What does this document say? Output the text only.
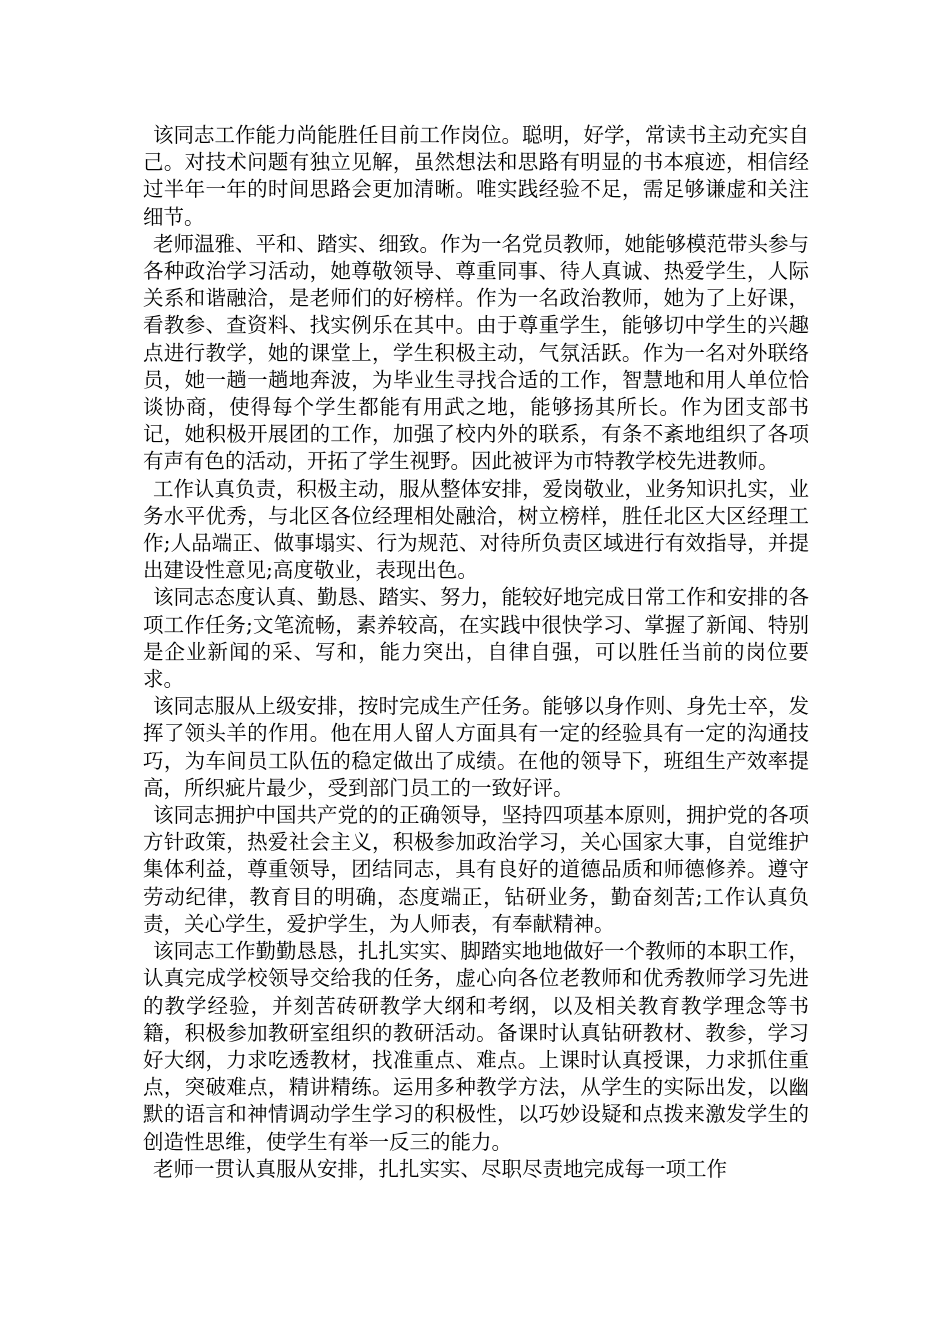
该同志工作能力尚能胜任目前工作岗位。聪明，好学，常读书主动充实自己。对技术问题有独立见解，虽然想法和思路有明显的书本痕迹，相信经过半年一年的时间思路会更加清晰。唯实践经验不足，需足够谦虚和关注细节。

老师温雅、平和、踏实、细致。作为一名党员教师，她能够模范带头参与各种政治学习活动，她尊敬领导、尊重同事、待人真诚、热爱学生，人际关系和谐融洽，是老师们的好榜样。作为一名政治教师，她为了上好课，看教参、查资料、找实例乐在其中。由于尊重学生，能够切中学生的兴趣点进行教学，她的课堂上，学生积极主动，气氛活跃。作为一名对外联络员，她一趟一趟地奔波，为毕业生寻找合适的工作，智慧地和用人单位恰谈协商，使得每个学生都能有用武之地，能够扬其所长。作为团支部书记，她积极开展团的工作，加强了校内外的联系，有条不紊地组织了各项有声有色的活动，开拓了学生视野。因此被评为市特教学校先进教师。

工作认真负责，积极主动，服从整体安排，爱岗敬业，业务知识扎实，业务水平优秀，与北区各位经理相处融洽，树立榜样，胜任北区大区经理工作;人品端正、做事塌实、行为规范、对待所负责区域进行有效指导，并提出建设性意见;高度敬业，表现出色。

该同志态度认真、勤恳、踏实、努力，能较好地完成日常工作和安排的各项工作任务;文笔流畅，素养较高，在实践中很快学习、掌握了新闻、特别是企业新闻的采、写和，能力突出，自律自强，可以胜任当前的岗位要求。

该同志服从上级安排，按时完成生产任务。能够以身作则、身先士卒，发挥了领头羊的作用。他在用人留人方面具有一定的经验具有一定的沟通技巧，为车间员工队伍的稳定做出了成绩。在他的领导下，班组生产效率提高，所织疵片最少，受到部门员工的一致好评。

该同志拥护中国共产党的的正确领导，坚持四项基本原则，拥护党的各项方针政策，热爱社会主义，积极参加政治学习，关心国家大事，自觉维护集体利益，尊重领导，团结同志，具有良好的道德品质和师德修养。遵守劳动纪律，教育目的明确，态度端正，钻研业务，勤奋刻苦;工作认真负责，关心学生，爱护学生，为人师表，有奉献精神。

该同志工作勤勤恳恳，扎扎实实、脚踏实地地做好一个教师的本职工作，认真完成学校领导交给我的任务，虚心向各位老教师和优秀教师学习先进的教学经验，并刻苦砖研教学大纲和考纲，以及相关教育教学理念等书籍，积极参加教研室组织的教研活动。备课时认真钻研教材、教参，学习好大纲，力求吃透教材，找准重点、难点。上课时认真授课，力求抓住重点，突破难点，精讲精练。运用多种教学方法，从学生的实际出发，以幽默的语言和神情调动学生学习的积极性，以巧妙设疑和点拨来激发学生的创造性思维，使学生有举一反三的能力。

老师一贯认真服从安排，扎扎实实、尽职尽责地完成每一项工作
